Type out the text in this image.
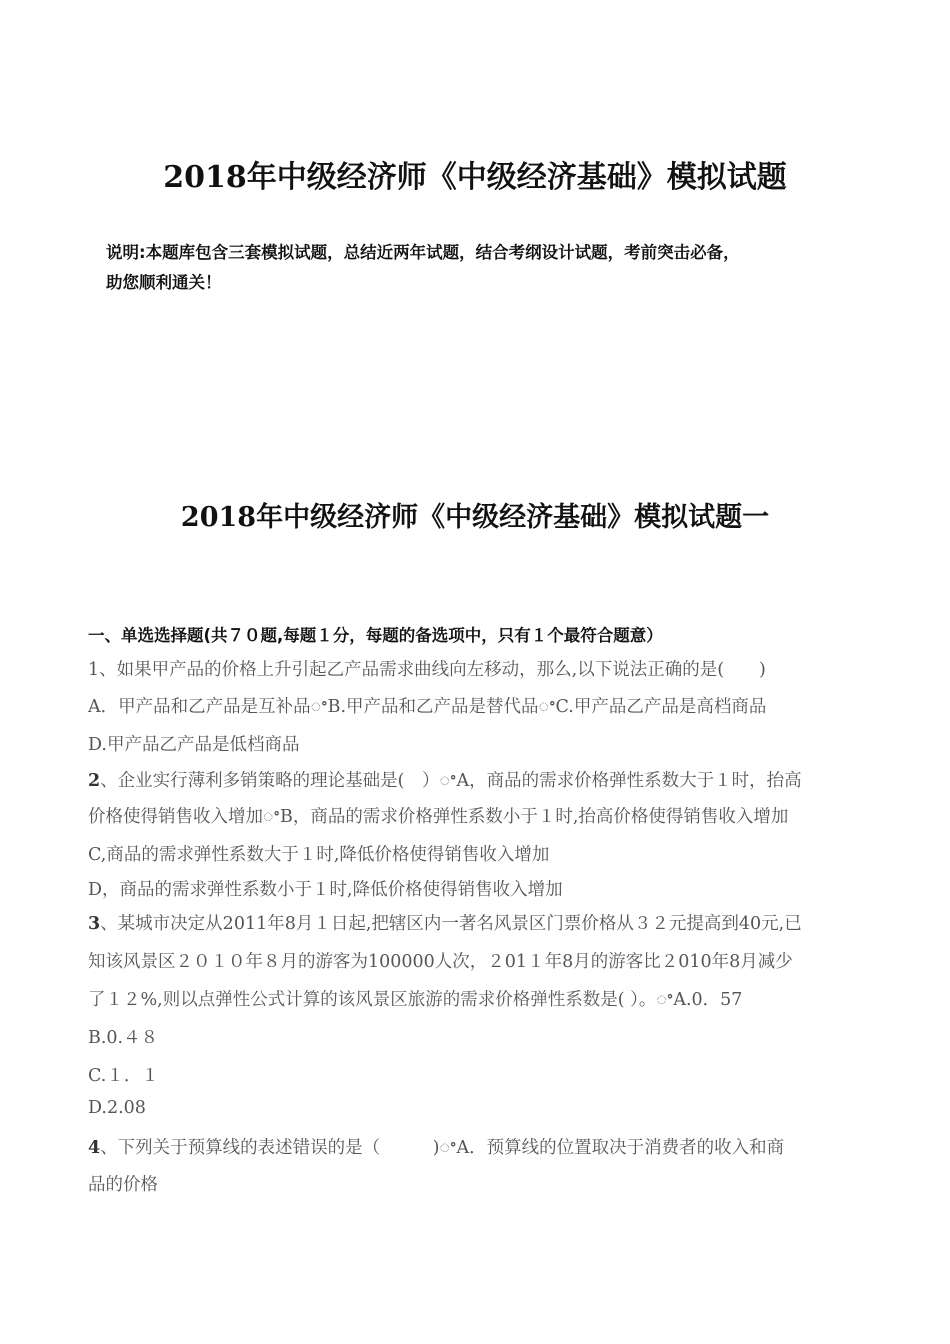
2018年中级经济师《中级经济基础》模拟试题
说明:本题库包含三套模拟试题，总结近两年试题，结合考纲设计试题，考前突击必备，
助您顺利通关！
2018年中级经济师《中级经济基础》模拟试题一
一、单选选择题(共７０题,每题１分，每题的备选项中，只有１个最符合题意）
1、如果甲产品的价格上升引起乙产品需求曲线向左移动，那么,以下说法正确的是(　　)
A．甲产品和乙产品是互补品ꢀB.甲产品和乙产品是替代品ꢀC.甲产品乙产品是高档商品
D.甲产品乙产品是低档商品
2、企业实行薄利多销策略的理论基础是(　）ꢀA，商品的需求价格弹性系数大于１时，抬高
价格使得销售收入增加ꢀB，商品的需求价格弹性系数小于１时,抬高价格使得销售收入增加
C,商品的需求弹性系数大于１时,降低价格使得销售收入增加
D，商品的需求弹性系数小于１时,降低价格使得销售收入增加
3、某城市决定从2011年8月１日起,把辖区内一著名风景区门票价格从３２元提高到40元,已
知该风景区２０１０年８月的游客为100000人次，２01１年8月的游客比２010年8月减少
了１２%,则以点弹性公式计算的该风景区旅游的需求价格弹性系数是( ）。ꢀA.0．57
B.0.４８
C.１．１
D.2.08
4、下列关于预算线的表述错误的是（　　　)ꢀA．预算线的位置取决于消费者的收入和商
品的价格
